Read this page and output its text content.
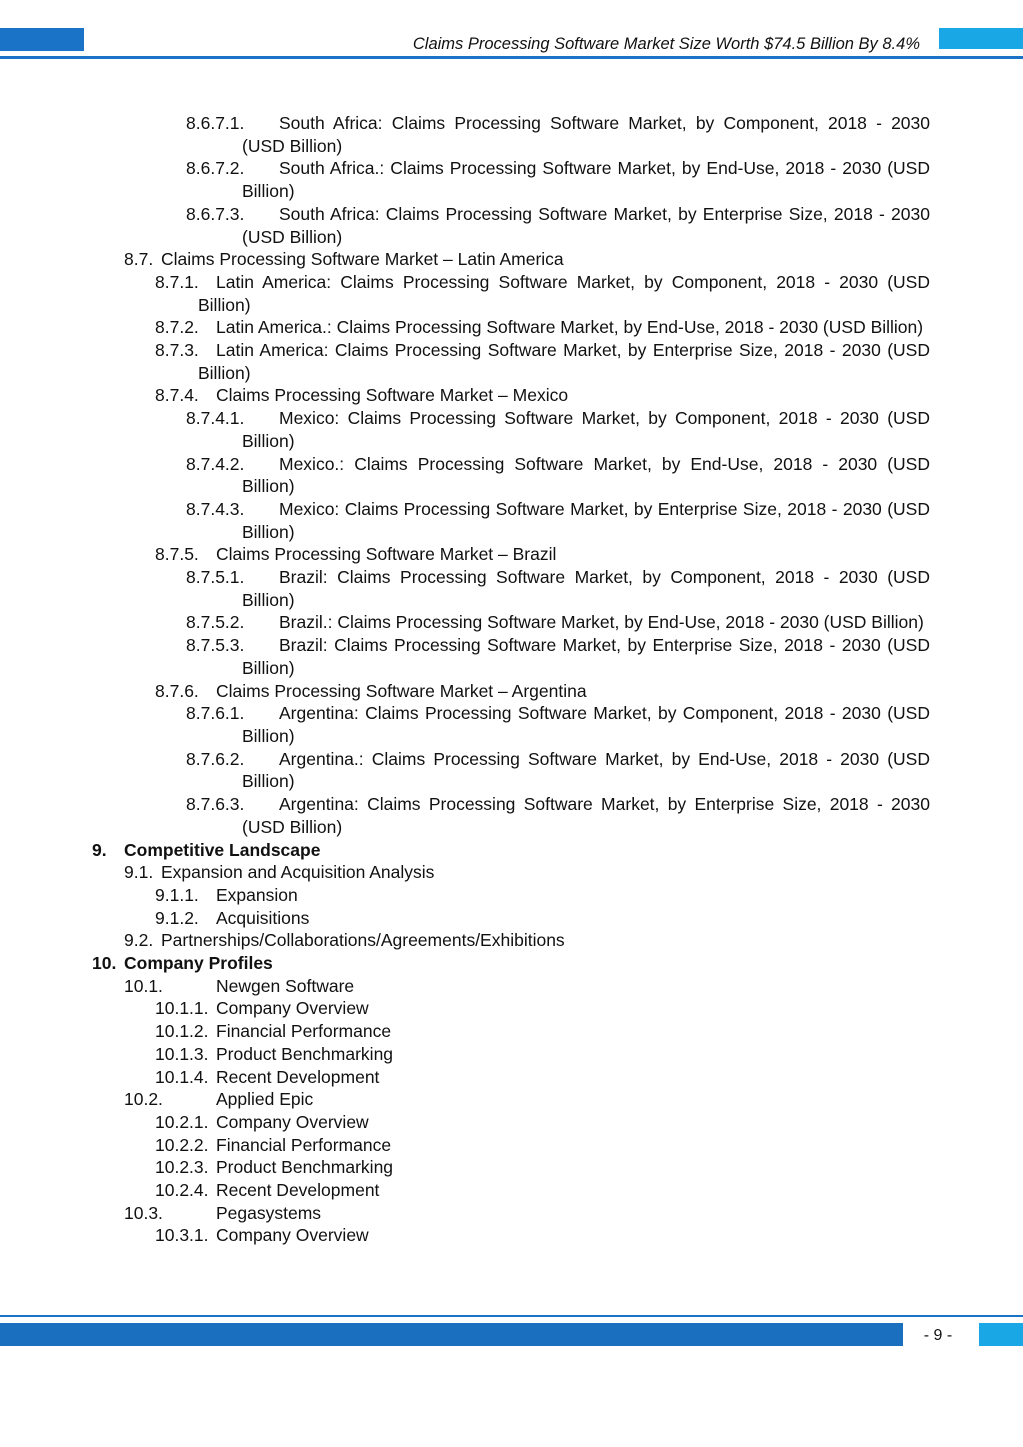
Claims Processing Software Market Size Worth $74.5 Billion By 8.4%
8.6.7.1.	South Africa: Claims Processing Software Market, by Component, 2018 - 2030 (USD Billion)
8.6.7.2.	South Africa.: Claims Processing Software Market, by End-Use, 2018 - 2030 (USD Billion)
8.6.7.3.	South Africa: Claims Processing Software Market, by Enterprise Size, 2018 - 2030 (USD Billion)
8.7. Claims Processing Software Market – Latin America
8.7.1. Latin America: Claims Processing Software Market, by Component, 2018 - 2030 (USD Billion)
8.7.2. Latin America.: Claims Processing Software Market, by End-Use, 2018 - 2030 (USD Billion)
8.7.3. Latin America: Claims Processing Software Market, by Enterprise Size, 2018 - 2030 (USD Billion)
8.7.4. Claims Processing Software Market – Mexico
8.7.4.1.	Mexico: Claims Processing Software Market, by Component, 2018 - 2030 (USD Billion)
8.7.4.2.	Mexico.: Claims Processing Software Market, by End-Use, 2018 - 2030 (USD Billion)
8.7.4.3.	Mexico: Claims Processing Software Market, by Enterprise Size, 2018 - 2030 (USD Billion)
8.7.5. Claims Processing Software Market – Brazil
8.7.5.1.	Brazil: Claims Processing Software Market, by Component, 2018 - 2030 (USD Billion)
8.7.5.2.	Brazil.: Claims Processing Software Market, by End-Use, 2018 - 2030 (USD Billion)
8.7.5.3.	Brazil: Claims Processing Software Market, by Enterprise Size, 2018 - 2030 (USD Billion)
8.7.6. Claims Processing Software Market – Argentina
8.7.6.1.	Argentina: Claims Processing Software Market, by Component, 2018 - 2030 (USD Billion)
8.7.6.2.	Argentina.: Claims Processing Software Market, by End-Use, 2018 - 2030 (USD Billion)
8.7.6.3.	Argentina: Claims Processing Software Market, by Enterprise Size, 2018 - 2030 (USD Billion)
9. Competitive Landscape
9.1. Expansion and Acquisition Analysis
9.1.1. Expansion
9.1.2. Acquisitions
9.2. Partnerships/Collaborations/Agreements/Exhibitions
10. Company Profiles
10.1.	Newgen Software
10.1.1. Company Overview
10.1.2. Financial Performance
10.1.3. Product Benchmarking
10.1.4. Recent Development
10.2.	Applied Epic
10.2.1. Company Overview
10.2.2. Financial Performance
10.2.3. Product Benchmarking
10.2.4. Recent Development
10.3.	Pegasystems
10.3.1. Company Overview
- 9 -
